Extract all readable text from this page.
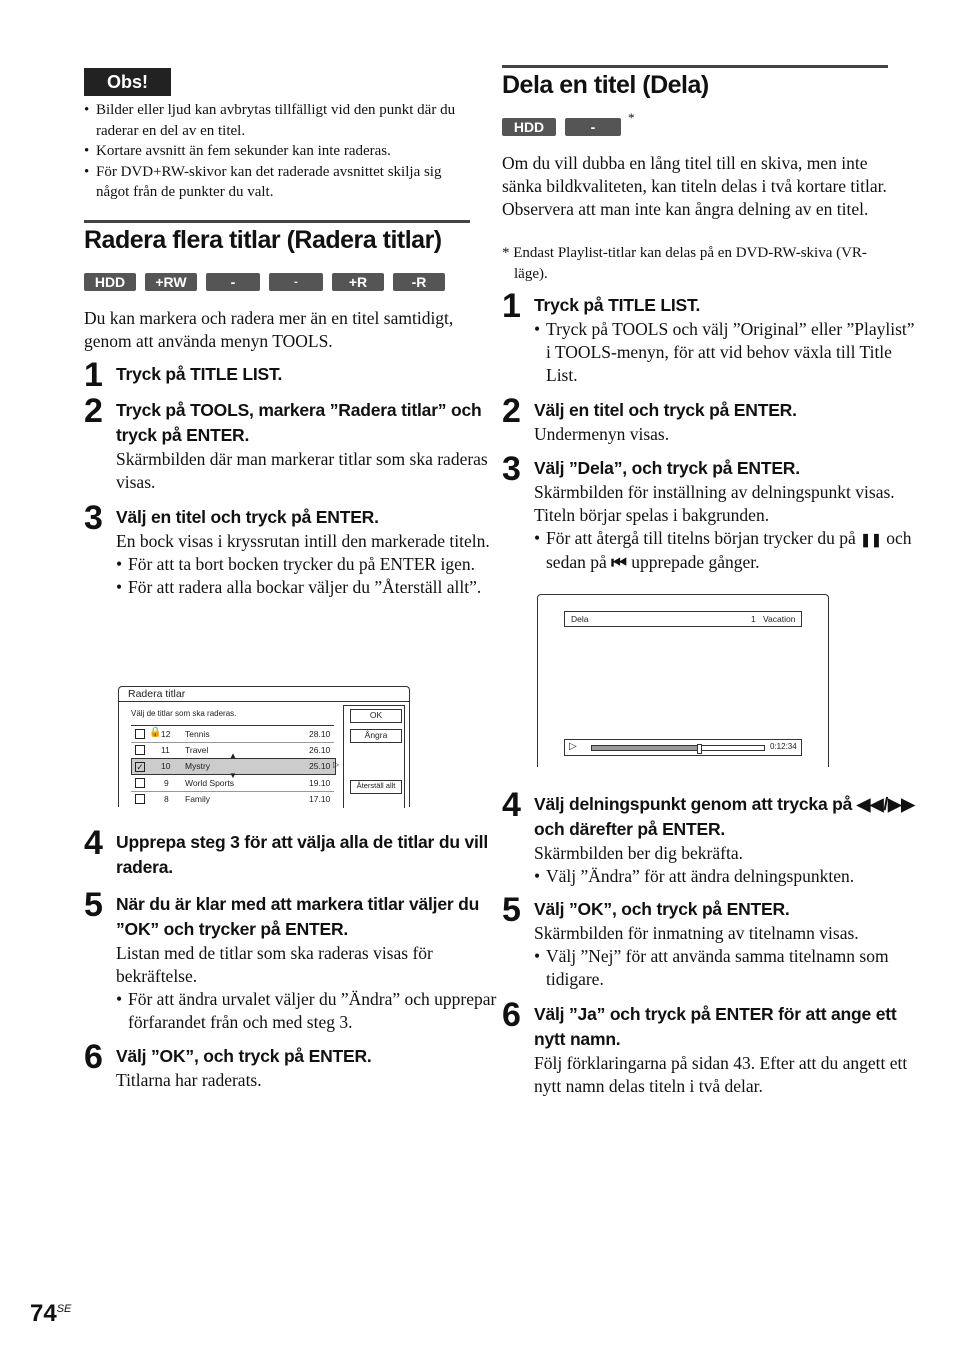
Obs!
• Bilder eller ljud kan avbrytas tillfälligt vid den punkt där du raderar en del av en titel.
• Kortare avsnitt än fem sekunder kan inte raderas.
• För DVD+RW-skivor kan det raderade avsnittet skilja sig något från de punkter du valt.
Radera flera titlar (Radera titlar)
HDD	+RW	-RWVR
-RWVideo
+R	-R
Du kan markera och radera mer än en titel samtidigt, genom att använda menyn TOOLS.
1 Tryck på TITLE LIST.
2 Tryck på TOOLS, markera ”Radera titlar” och tryck på ENTER.
Skärmbilden där man markerar titlar som ska raderas visas.
3 Välj en titel och tryck på ENTER.
En bock visas i kryssrutan intill den markerade titeln.
• För att ta bort bocken trycker du på ENTER igen.
• För att radera alla bockar väljer du ”Återställ allt”.
Radera titlar
Välj de titlar som ska raderas.
🔒 12 Tennis	28.10
11 Travel	26.10
✓ 10 Mystry	25.10
▲
▼
▷
9 World Sports	19.10
8 Family	17.10
OK
Ångra
Återställ allt
4 Upprepa steg 3 för att välja alla de titlar du vill radera.
5 När du är klar med att markera titlar väljer du ”OK” och trycker på ENTER.
Listan med de titlar som ska raderas visas för bekräftelse.
• För att ändra urvalet väljer du ”Ändra” och upprepar förfarandet från och med steg 3.
6 Välj ”OK”, och tryck på ENTER.
Titlarna har raderats.
Dela en titel (Dela)
HDD	-RWVR
*
Om du vill dubba en lång titel till en skiva, men inte sänka bildkvaliteten, kan titeln delas i två kortare titlar. Observera att man inte kan ångra delning av en titel.
* Endast Playlist-titlar kan delas på en DVD-RW-skiva (VR-läge).
1 Tryck på TITLE LIST.
• Tryck på TOOLS och välj ”Original” eller ”Playlist” i TOOLS-menyn, för att vid behov växla till Title List.
2 Välj en titel och tryck på ENTER.
Undermenyn visas.
3 Välj ”Dela”, och tryck på ENTER.
Skärmbilden för inställning av delningspunkt visas. Titeln börjar spelas i bakgrunden.
• För att återgå till titelns början trycker du på ❚❚ och sedan på ⏮ upprepade gånger.
Dela	1 Vacation
▷	0:12:34
4 Välj delningspunkt genom att trycka på ◀◀/▶▶ och därefter på ENTER.
Skärmbilden ber dig bekräfta.
• Välj ”Ändra” för att ändra delningspunkten.
5 Välj ”OK”, och tryck på ENTER.
Skärmbilden för inmatning av titelnamn visas.
• Välj ”Nej” för att använda samma titelnamn som tidigare.
6 Välj ”Ja” och tryck på ENTER för att ange ett nytt namn.
Följ förklaringarna på sidan 43. Efter att du angett ett nytt namn delas titeln i två delar.
$74^{SE}$
